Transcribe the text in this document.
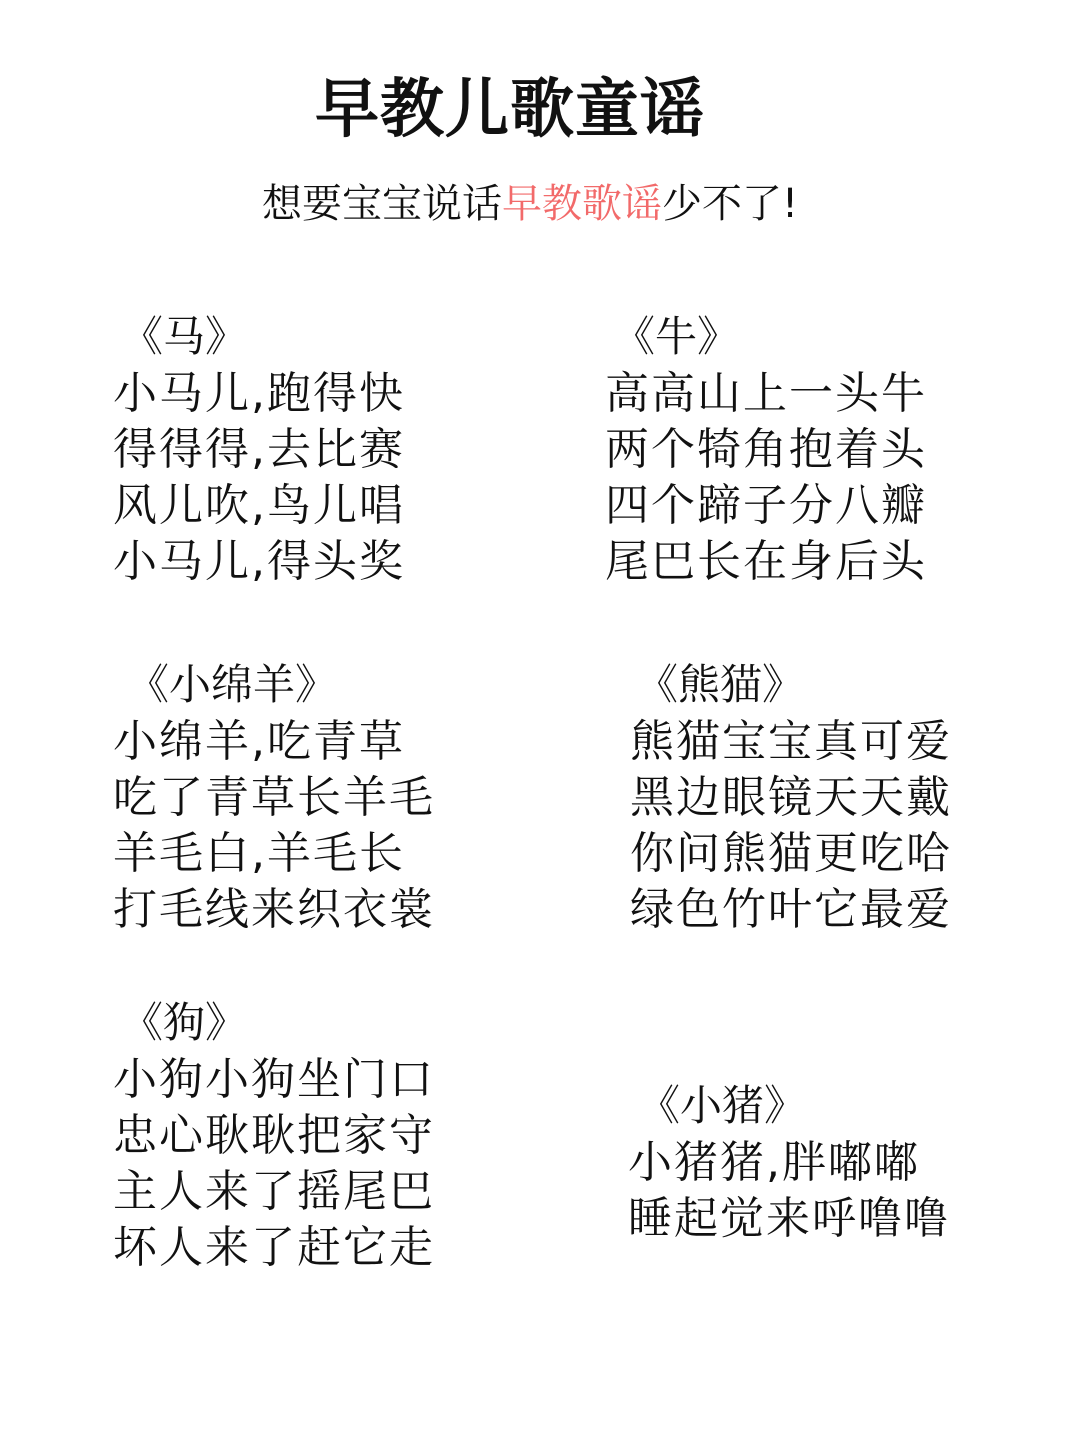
早教儿歌童谣

想要宝宝说话早教歌谣少不了!

《马》
小马儿,跑得快
得得得,去比赛
风儿吹,鸟儿唱
小马儿,得头奖
《牛》
高高山上一头牛
两个犄角抱着头
四个蹄子分八瓣
尾巴长在身后头
《小绵羊》
小绵羊,吃青草
吃了青草长羊毛
羊毛白,羊毛长
打毛线来织衣裳
《熊猫》
熊猫宝宝真可爱
黑边眼镜天天戴
你问熊猫更吃哈
绿色竹叶它最爱
《狗》
小狗小狗坐门口
忠心耿耿把家守
主人来了摇尾巴
坏人来了赶它走
《小猪》
小猪猪,胖嘟嘟
睡起觉来呼噜噜
